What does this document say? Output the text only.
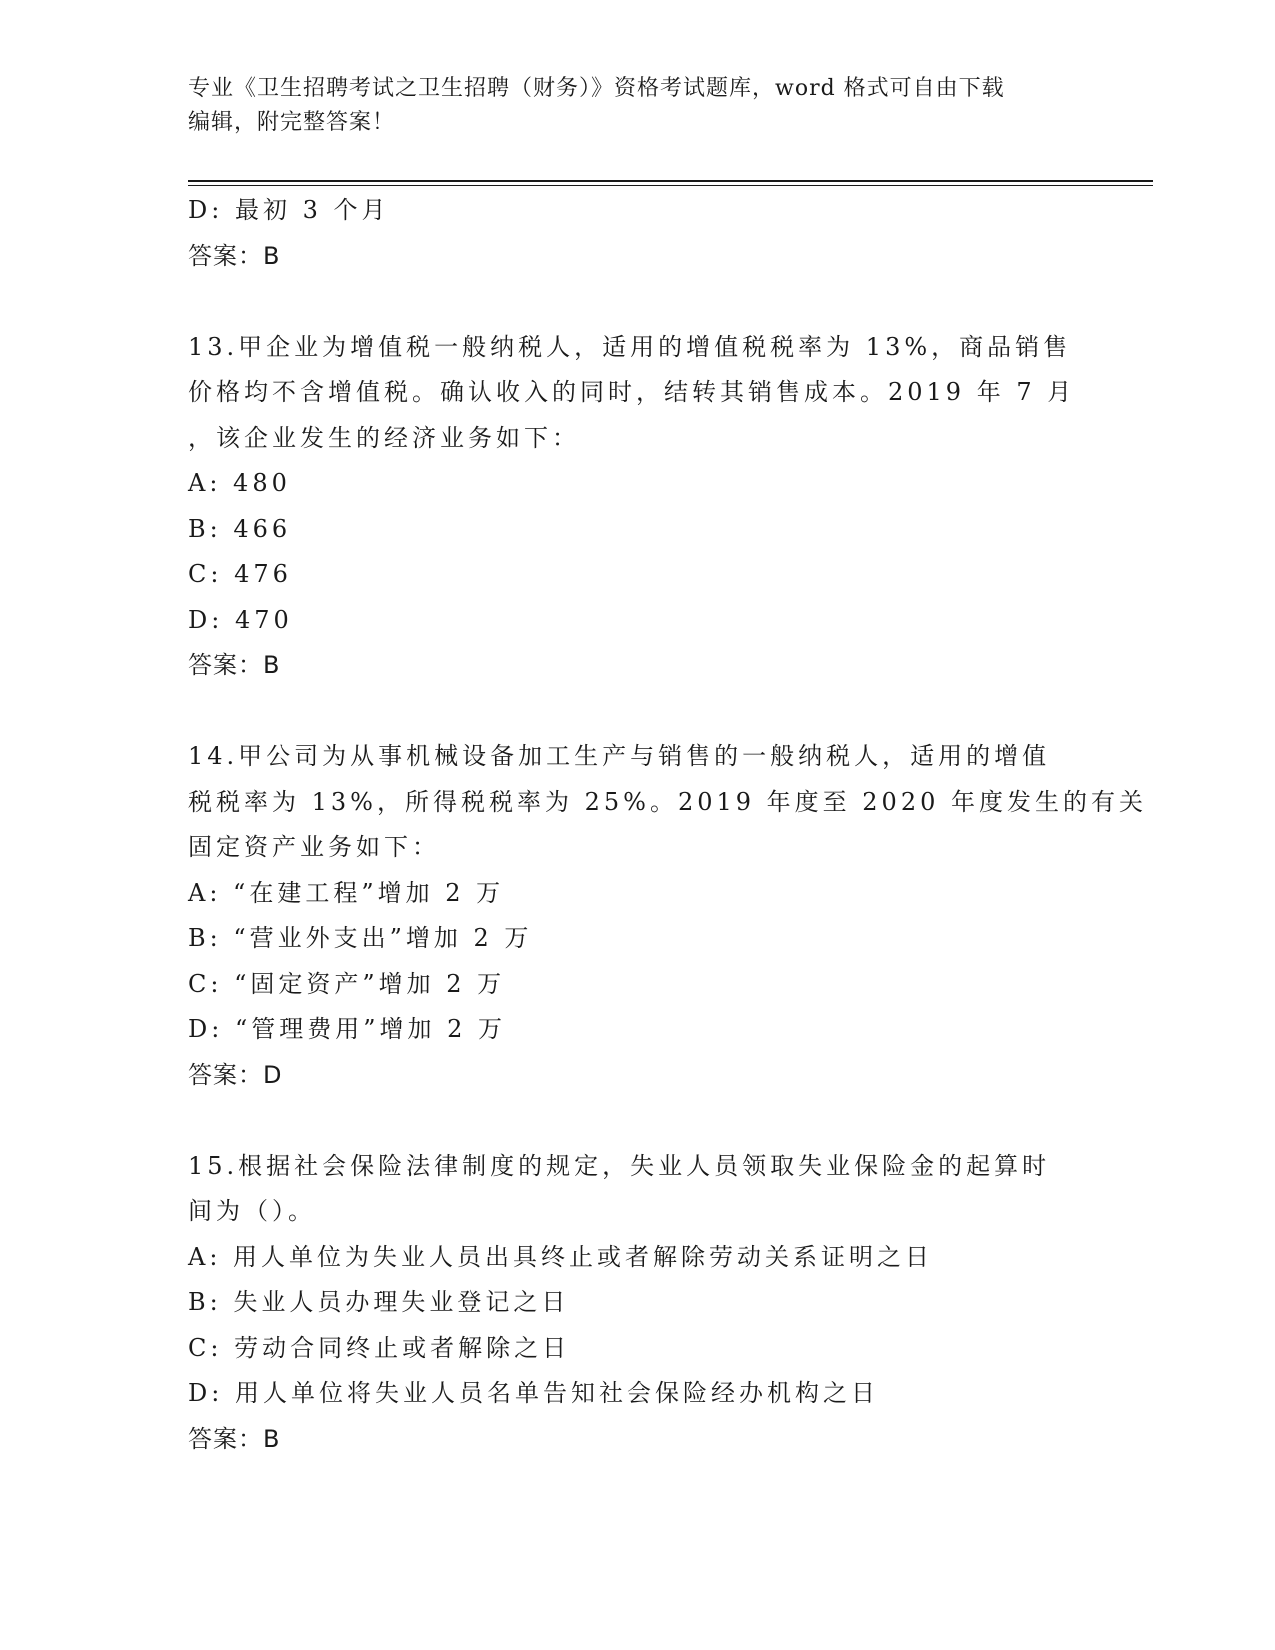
专业《卫生招聘考试之卫生招聘（财务）》资格考试题库，word 格式可自由下载
编辑，附完整答案！
D: 最初 3 个月
答案：B
13.甲企业为增值税一般纳税人，适用的增值税税率为 13%，商品销售
价格均不含增值税。确认收入的同时，结转其销售成本。2019 年 7 月
，该企业发生的经济业务如下：
A: 480
B: 466
C: 476
D: 470
答案：B
14.甲公司为从事机械设备加工生产与销售的一般纳税人，适用的增值
税税率为 13%，所得税税率为 25%。2019 年度至 2020 年度发生的有关
固定资产业务如下：
A: “在建工程”增加 2 万
B: “营业外支出”增加 2 万
C: “固定资产”增加 2 万
D: “管理费用”增加 2 万
答案：D
15.根据社会保险法律制度的规定，失业人员领取失业保险金的起算时
间为（）。
A: 用人单位为失业人员出具终止或者解除劳动关系证明之日
B: 失业人员办理失业登记之日
C: 劳动合同终止或者解除之日
D: 用人单位将失业人员名单告知社会保险经办机构之日
答案：B
